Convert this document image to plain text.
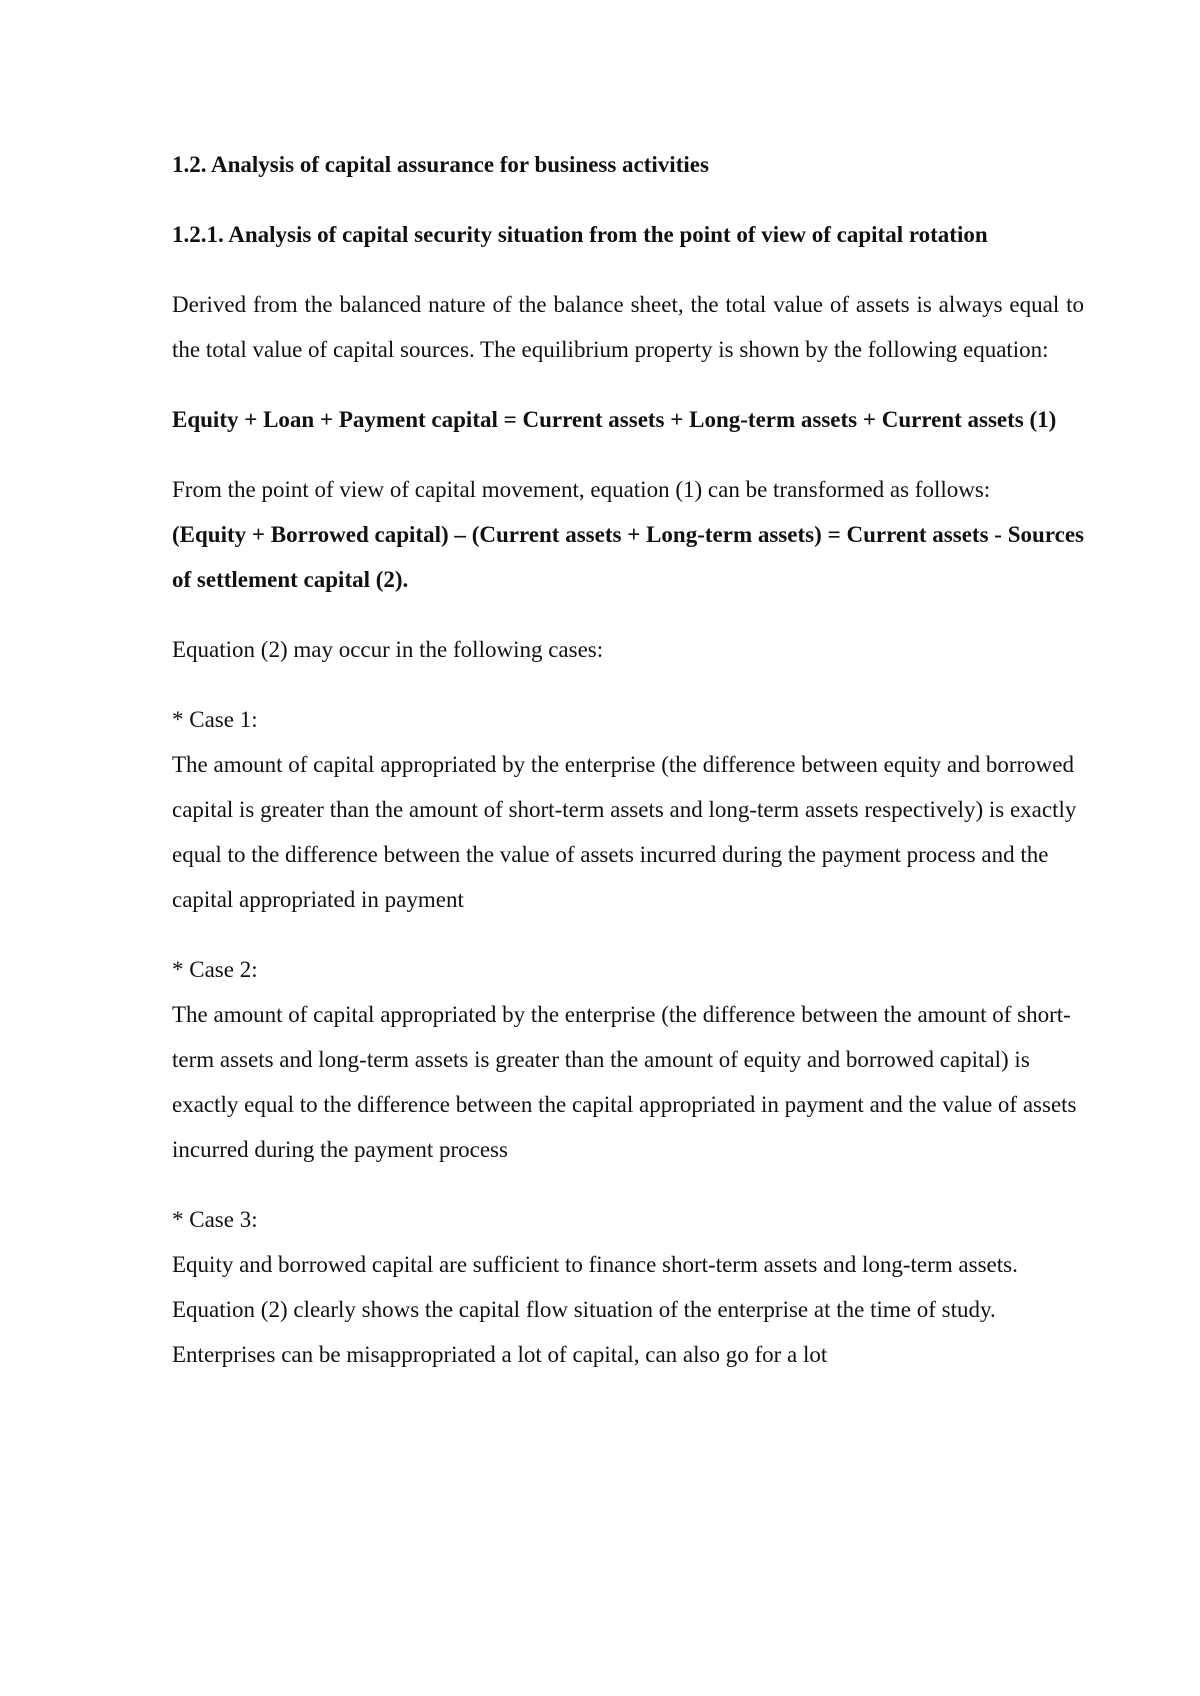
1.2. Analysis of capital assurance for business activities

1.2.1. Analysis of capital security situation from the point of view of capital rotation

Derived from the balanced nature of the balance sheet, the total value of assets is always equal to the total value of capital sources. The equilibrium property is shown by the following equation:

Equity + Loan + Payment capital = Current assets + Long-term assets + Current assets (1)

From the point of view of capital movement, equation (1) can be transformed as follows:

(Equity + Borrowed capital) – (Current assets + Long-term assets) = Current assets - Sources of settlement capital (2).

Equation (2) may occur in the following cases:

* Case 1:

The amount of capital appropriated by the enterprise (the difference between equity and borrowed capital is greater than the amount of short-term assets and long-term assets respectively) is exactly equal to the difference between the value of assets incurred during the payment process and the capital appropriated in payment

* Case 2:

The amount of capital appropriated by the enterprise (the difference between the amount of short-term assets and long-term assets is greater than the amount of equity and borrowed capital) is exactly equal to the difference between the capital appropriated in payment and the value of assets incurred during the payment process

* Case 3:

Equity and borrowed capital are sufficient to finance short-term assets and long-term assets. Equation (2) clearly shows the capital flow situation of the enterprise at the time of study. Enterprises can be misappropriated a lot of capital, can also go for a lot
